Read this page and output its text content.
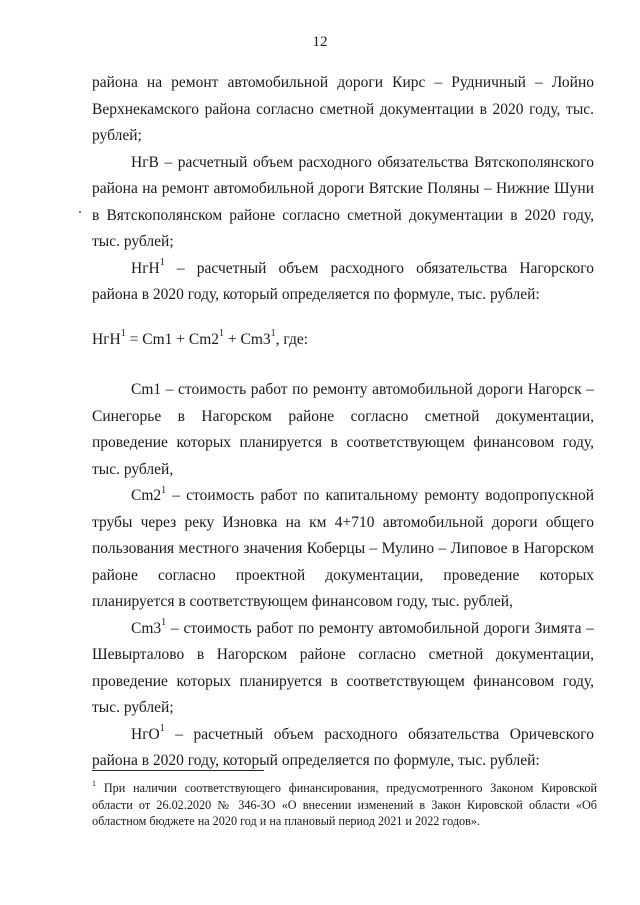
12

района на ремонт автомобильной дороги Кирс – Рудничный – Лойно Верхнекамского района согласно сметной документации в 2020 году, тыс. рублей;

НгВ – расчетный объем расходного обязательства Вятскополянского района на ремонт автомобильной дороги Вятские Поляны – Нижние Шуни в Вятскополянском районе согласно сметной документации в 2020 году, тыс. рублей;

НгН$^1$ – расчетный объем расходного обязательства Нагорского района в 2020 году, который определяется по формуле, тыс. рублей:

$НгН^1 = Cm1 + Cm2^1 + Cm3^1$, где:

Cm1 – стоимость работ по ремонту автомобильной дороги Нагорск – Синегорье в Нагорском районе согласно сметной документации, проведение которых планируется в соответствующем финансовом году, тыс. рублей,

$Cm2^1$ – стоимость работ по капитальному ремонту водопропускной трубы через реку Изновка на км 4+710 автомобильной дороги общего пользования местного значения Коберцы – Мулино – Липовое в Нагорском районе согласно проектной документации, проведение которых планируется в соответствующем финансовом году, тыс. рублей,

$Cm3^1$ – стоимость работ по ремонту автомобильной дороги Зимята – Шевырталово в Нагорском районе согласно сметной документации, проведение которых планируется в соответствующем финансовом году, тыс. рублей;

НгО$^1$ – расчетный объем расходного обязательства Оричевского района в 2020 году, который определяется по формуле, тыс. рублей:

$^1$ При наличии соответствующего финансирования, предусмотренного Законом Кировской области от 26.02.2020 № 346-ЗО «О внесении изменений в Закон Кировской области «Об областном бюджете на 2020 год и на плановый период 2021 и 2022 годов».
